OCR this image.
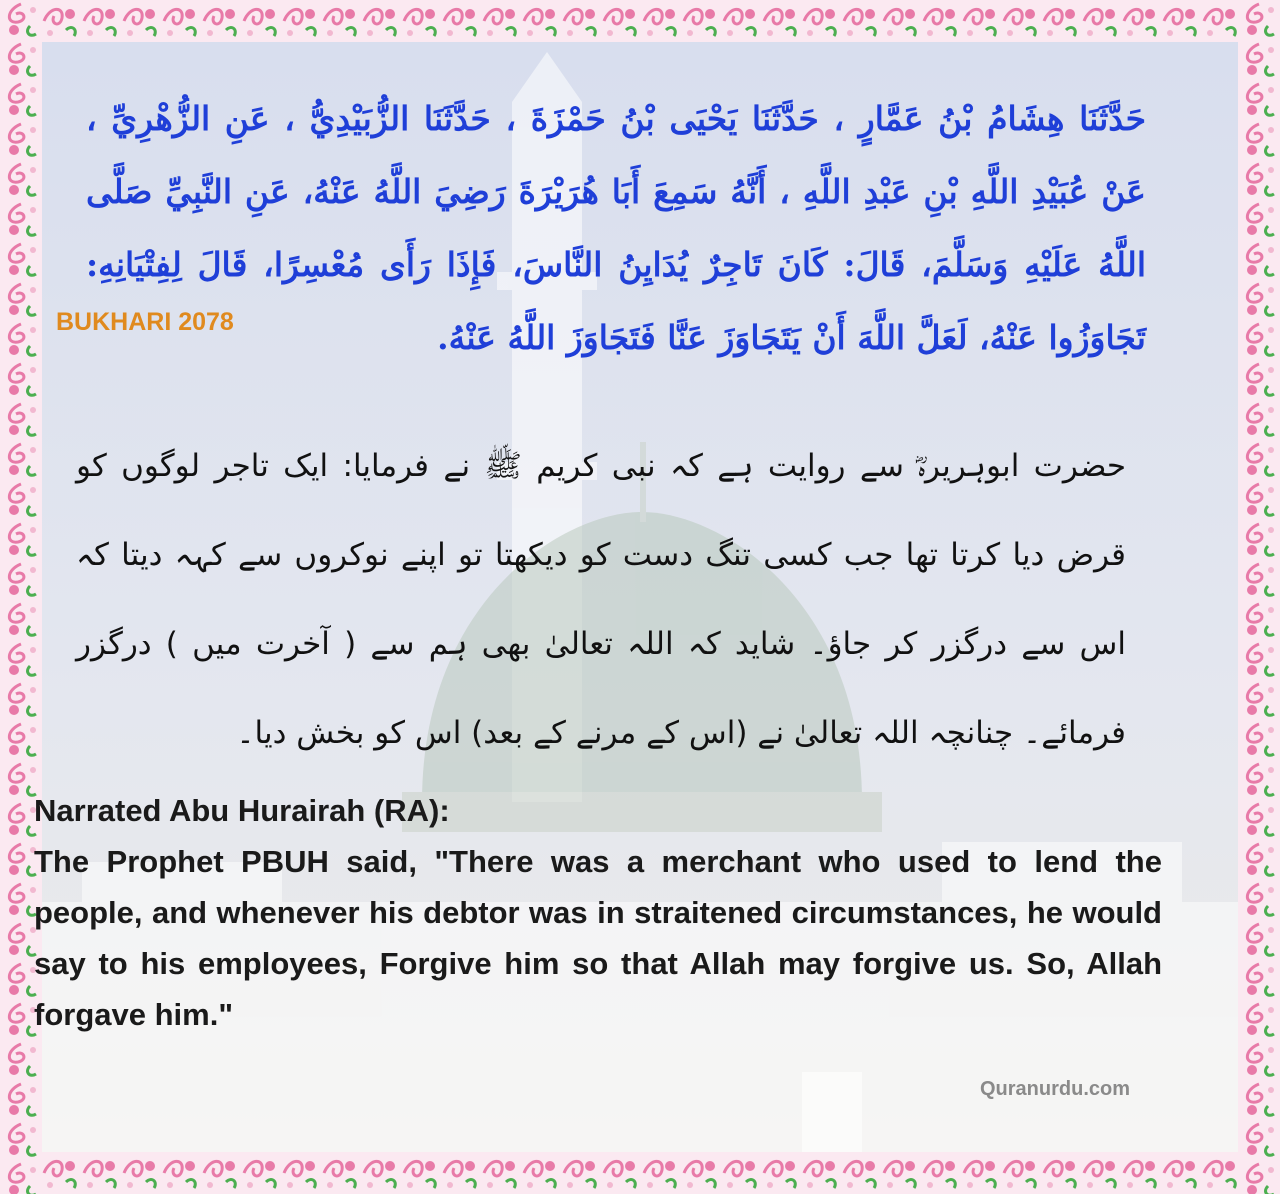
حَدَّثَنَا هِشَامُ بْنُ عَمَّارٍ ، حَدَّثَنَا يَحْيَى بْنُ حَمْزَةَ ، حَدَّثَنَا الزُّبَيْدِيُّ ، عَنِ الزُّهْرِيِّ ، عَنْ عُبَيْدِ اللَّهِ بْنِ عَبْدِ اللَّهِ ، أَنَّهُ سَمِعَ أَبَا هُرَيْرَةَ رَضِيَ اللَّهُ عَنْهُ، عَنِ النَّبِيِّ صَلَّى اللَّهُ عَلَيْهِ وَسَلَّمَ، قَالَ: كَانَ تَاجِرٌ يُدَايِنُ النَّاسَ، فَإِذَا رَأَى مُعْسِرًا، قَالَ لِفِتْيَانِهِ: تَجَاوَزُوا عَنْهُ، لَعَلَّ اللَّهَ أَنْ يَتَجَاوَزَ عَنَّا فَتَجَاوَزَ اللَّهُ عَنْهُ.

BUKHARI 2078

حضرت ابوہریرہؓ سے روایت ہے کہ نبی کریم ﷺ نے فرمایا: ایک تاجر لوگوں کو قرض دیا کرتا تھا جب کسی تنگ دست کو دیکھتا تو اپنے نوکروں سے کہہ دیتا کہ اس سے درگزر کر جاؤ۔ شاید کہ اللہ تعالیٰ بھی ہم سے ( آخرت میں ) درگزر فرمائے۔ چنانچہ اللہ تعالیٰ نے (اس کے مرنے کے بعد) اس کو بخش دیا۔

Narrated Abu Hurairah (RA):
The Prophet PBUH said, "There was a merchant who used to lend the people, and whenever his debtor was in straitened circumstances, he would say to his employees, Forgive him so that Allah may forgive us. So, Allah forgave him."

Quranurdu.com
